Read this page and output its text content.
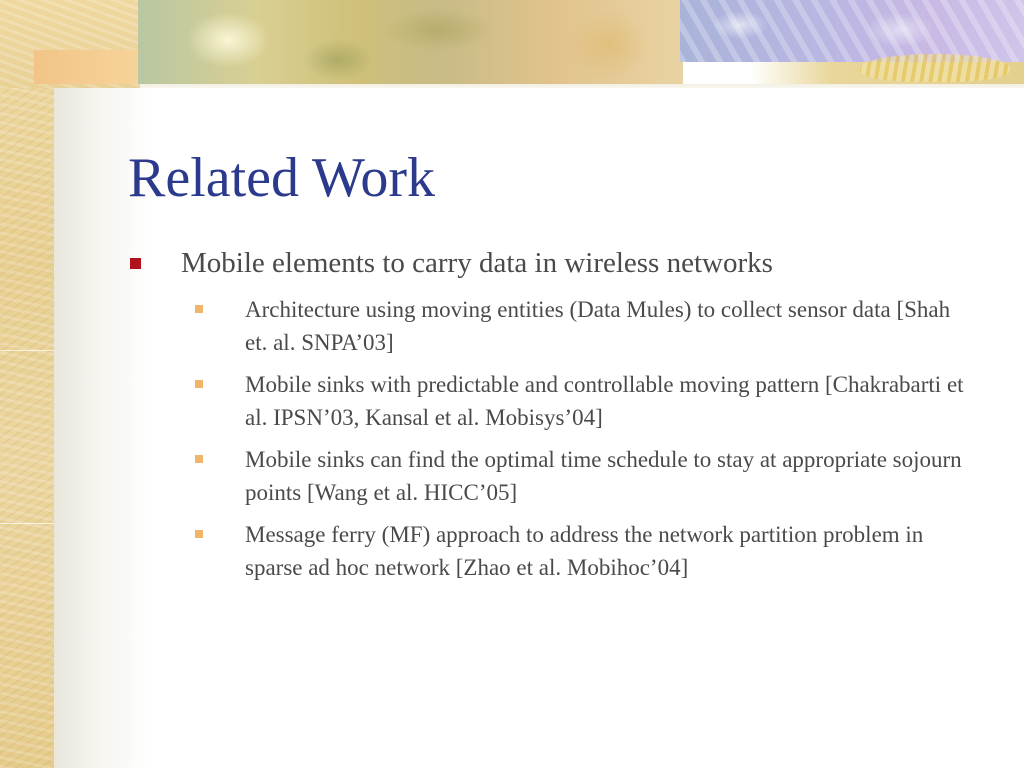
Related Work
Mobile elements to carry data in wireless networks
Architecture using moving entities (Data Mules) to collect sensor data [Shah et. al. SNPA’03]
Mobile sinks with predictable and controllable moving pattern [Chakrabarti et al. IPSN’03, Kansal et al. Mobisys’04]
Mobile sinks can find the optimal time schedule to stay at appropriate sojourn points [Wang et al. HICC’05]
Message ferry (MF) approach to address the network partition problem in sparse ad hoc network [Zhao et al. Mobihoc’04]
